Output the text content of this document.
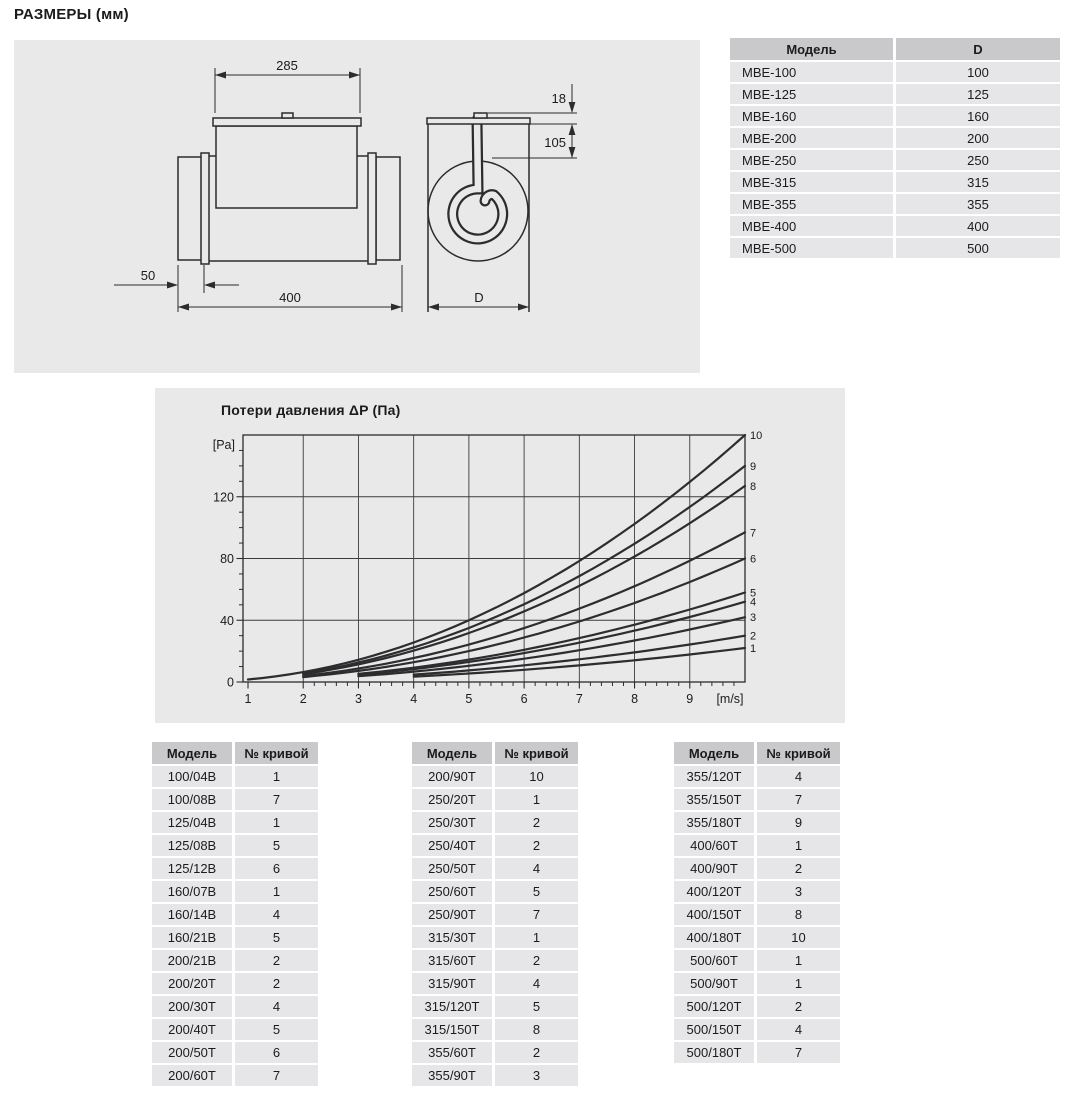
РАЗМЕРЫ (мм)
285
50
400
18
105
D
Модель	D
МВЕ-100	100
МВЕ-125	125
МВЕ-160	160
МВЕ-200	200
МВЕ-250	250
МВЕ-315	315
МВЕ-355	355
МВЕ-400	400
МВЕ-500	500
Потери давления ΔP (Па)
1
2
3
4
5
6
7
8
9
10
[Pa]
120
80
40
0
1	2	3	4	5	6	7	8	9 [m/s]
Модель	№ кривой
100/04В	1
100/08В	7
125/04В	1
125/08В	5
125/12В	6
160/07В	1
160/14В	4
160/21В	5
200/21В	2
200/20Т	2
200/30Т	4
200/40Т	5
200/50Т	6
200/60Т	7
Модель	№ кривой
200/90Т	10
250/20Т	1
250/30Т	2
250/40Т	2
250/50Т	4
250/60Т	5
250/90Т	7
315/30Т	1
315/60Т	2
315/90Т	4
315/120Т	5
315/150Т	8
355/60Т	2
355/90Т	3
Модель	№ кривой
355/120Т	4
355/150Т	7
355/180Т	9
400/60Т	1
400/90Т	2
400/120Т	3
400/150Т	8
400/180Т	10
500/60Т	1
500/90Т	1
500/120Т	2
500/150Т	4
500/180Т	7
